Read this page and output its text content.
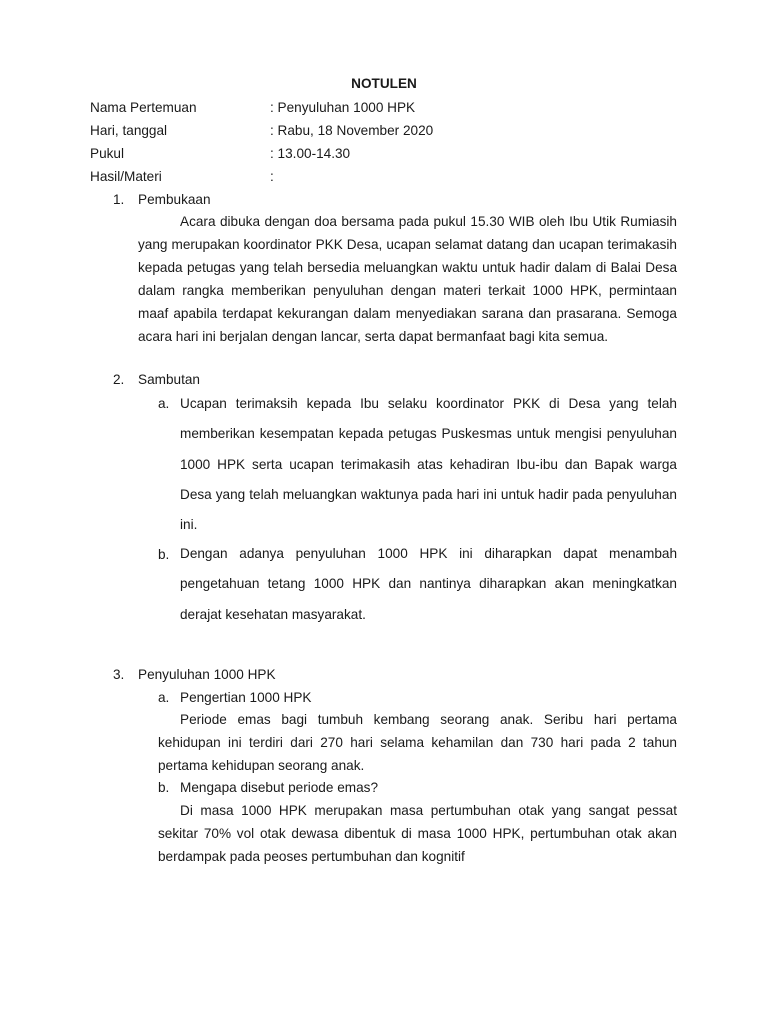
NOTULEN
Nama Pertemuan	: Penyuluhan 1000 HPK
Hari, tanggal	: Rabu, 18 November 2020
Pukul	: 13.00-14.30
Hasil/Materi	:
1. Pembukaan

Acara dibuka dengan doa bersama pada pukul 15.30 WIB oleh Ibu Utik Rumiasih yang merupakan koordinator PKK Desa, ucapan selamat datang dan ucapan terimakasih kepada petugas yang telah bersedia meluangkan waktu untuk hadir dalam di Balai Desa dalam rangka memberikan penyuluhan dengan materi terkait 1000 HPK, permintaan maaf apabila terdapat kekurangan dalam menyediakan sarana dan prasarana. Semoga acara hari ini berjalan dengan lancar, serta dapat bermanfaat bagi kita semua.

2. Sambutan
a. Ucapan terimaksih kepada Ibu selaku koordinator PKK di Desa yang telah memberikan kesempatan kepada petugas Puskesmas untuk mengisi penyuluhan 1000 HPK serta ucapan terimakasih atas kehadiran Ibu-ibu dan Bapak warga Desa yang telah meluangkan waktunya pada hari ini untuk hadir pada penyuluhan ini.

b. Dengan adanya penyuluhan 1000 HPK ini diharapkan dapat menambah pengetahuan tetang 1000 HPK dan nantinya diharapkan akan meningkatkan derajat kesehatan masyarakat.

3. Penyuluhan 1000 HPK
a. Pengertian 1000 HPK

Periode emas bagi tumbuh kembang seorang anak. Seribu hari pertama kehidupan ini terdiri dari 270 hari selama kehamilan dan 730 hari pada 2 tahun pertama kehidupan seorang anak.

b. Mengapa disebut periode emas?

Di masa 1000 HPK merupakan masa pertumbuhan otak yang sangat pessat sekitar 70% vol otak dewasa dibentuk di masa 1000 HPK, pertumbuhan otak akan berdampak pada peoses pertumbuhan dan kognitif
